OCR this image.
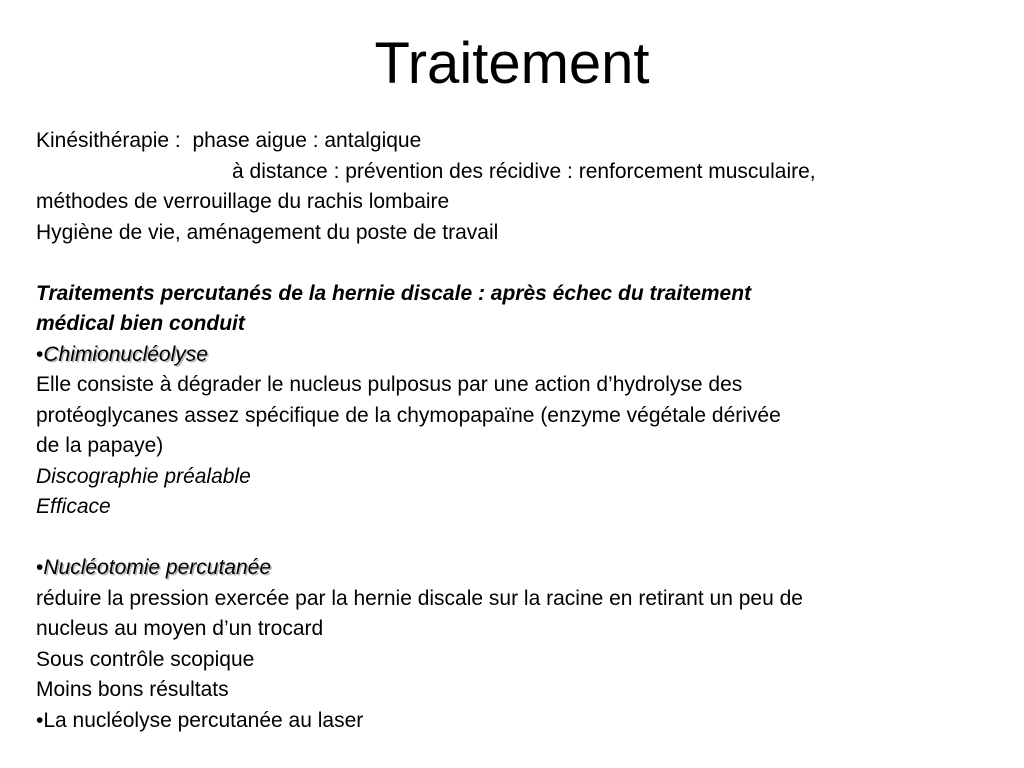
Traitement
Kinésithérapie : phase aigue : antalgique
à distance : prévention des récidive : renforcement musculaire,
méthodes de verrouillage du rachis lombaire
Hygiène de vie, aménagement du poste de travail
Traitements percutanés de la hernie discale : après échec du traitement
médical bien conduit
•Chimionucléolyse
Elle consiste à dégrader le nucleus pulposus par une action d’hydrolyse des
protéoglycanes assez spécifique de la chymopapaïne (enzyme végétale dérivée
de la papaye)
Discographie préalable
Efficace
•Nucléotomie percutanée
réduire la pression exercée par la hernie discale sur la racine en retirant un peu de
nucleus au moyen d’un trocard
Sous contrôle scopique
Moins bons résultats
•La nucléolyse percutanée au laser
